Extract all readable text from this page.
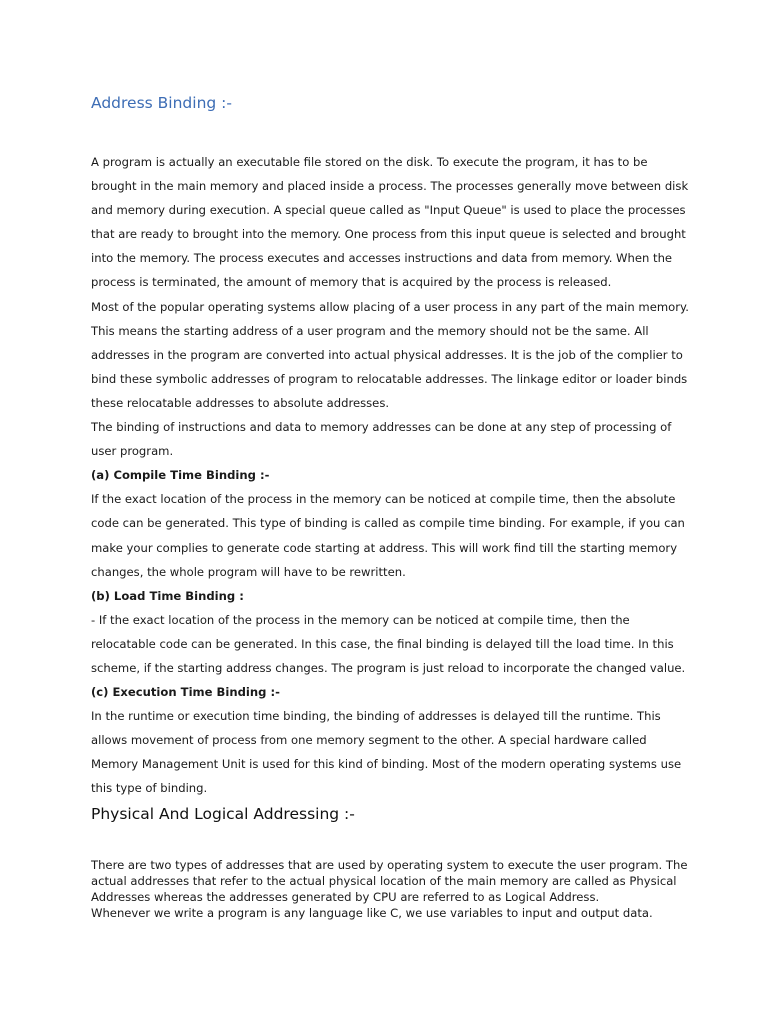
Address Binding :-

A program is actually an executable file stored on the disk. To execute the program, it has to be

brought in the main memory and placed inside a process. The processes generally move between disk

and memory during execution. A special queue called as "Input Queue" is used to place the processes

that are ready to brought into the memory. One process from this input queue is selected and brought

into the memory. The process executes and accesses instructions and data from memory. When the

process is terminated, the amount of memory that is acquired by the process is released.

Most of the popular operating systems allow placing of a user process in any part of the main memory.

This means the starting address of a user program and the memory should not be the same. All

addresses in the program are converted into actual physical addresses. It is the job of the complier to

bind these symbolic addresses of program to relocatable addresses. The linkage editor or loader binds

these relocatable addresses to absolute addresses.

The binding of instructions and data to memory addresses can be done at any step of processing of

user program.

(a) Compile Time Binding :-

If the exact location of the process in the memory can be noticed at compile time, then the absolute

code can be generated. This type of binding is called as compile time binding. For example, if you can

make your complies to generate code starting at address. This will work find till the starting memory

changes, the whole program will have to be rewritten.

(b) Load Time Binding :

- If the exact location of the process in the memory can be noticed at compile time, then the

relocatable code can be generated. In this case, the final binding is delayed till the load time. In this

scheme, if the starting address changes. The program is just reload to incorporate the changed value.

(c) Execution Time Binding :-

In the runtime or execution time binding, the binding of addresses is delayed till the runtime. This

allows movement of process from one memory segment to the other. A special hardware called

Memory Management Unit is used for this kind of binding. Most of the modern operating systems use

this type of binding.

Physical And Logical Addressing :-

There are two types of addresses that are used by operating system to execute the user program. The

actual addresses that refer to the actual physical location of the main memory are called as Physical

Addresses whereas the addresses generated by CPU are referred to as Logical Address.

Whenever we write a program is any language like C, we use variables to input and output data.
